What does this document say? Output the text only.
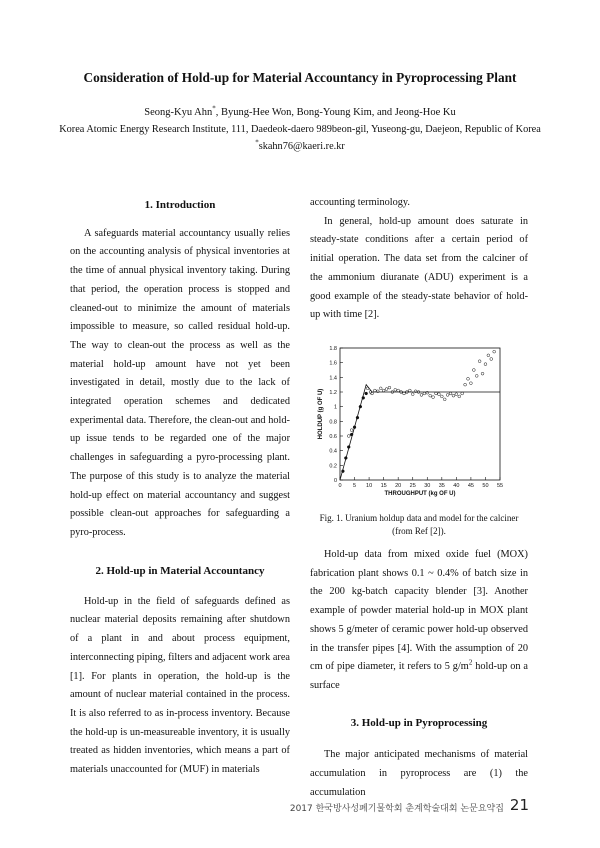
Consideration of Hold-up for Material Accountancy in Pyroprocessing Plant
Seong-Kyu Ahn*, Byung-Hee Won, Bong-Young Kim, and Jeong-Hoe Ku
Korea Atomic Energy Research Institute, 111, Daedeok-daero 989beon-gil, Yuseong-gu, Daejeon, Republic of Korea
*skahn76@kaeri.re.kr
1. Introduction

A safeguards material accountancy usually relies on the accounting analysis of physical inventories at the time of annual physical inventory taking. During that period, the operation process is stopped and cleaned-out to minimize the amount of materials impossible to measure, so called residual hold-up. The way to clean-out the process as well as the material hold-up amount have not yet been investigated in detail, mostly due to the lack of integrated operation schemes and dedicated experimental data. Therefore, the clean-out and hold-up issue tends to be regarded one of the major challenges in safeguarding a pyro-processing plant. The purpose of this study is to analyze the material hold-up effect on material accountancy and suggest possible clean-out approaches for safeguarding a pyro-process.

2. Hold-up in Material Accountancy

Hold-up in the field of safeguards defined as nuclear material deposits remaining after shutdown of a plant in and about process equipment, interconnecting piping, filters and adjacent work area [1]. For plants in operation, the hold-up is the amount of nuclear material contained in the process. It is also referred to as in-process inventory. Because the hold-up is un-measureable inventory, it is usually treated as hidden inventories, which means a part of materials unaccounted for (MUF) in materials

accounting terminology.

In general, hold-up amount does saturate in steady-state conditions after a certain period of initial operation. The data set from the calciner of the ammonium diuranate (ADU) experiment is a good example of the steady-state behavior of hold-up with time [2].

0 5 10 15 20 25 30 35 40 45 50 55
0
0.2
0.4
0.6
0.8
1
1.2
1.4
1.6
1.8
THROUGHPUT (kg OF U)
HOLDUP (g OF U)
Fig. 1. Uranium holdup data and model for the calciner (from Ref [2]).

Hold-up data from mixed oxide fuel (MOX) fabrication plant shows 0.1 ~ 0.4% of batch size in the 200 kg-batch capacity blender [3]. Another example of powder material hold-up in MOX plant shows 5 g/meter of ceramic power hold-up observed in the transfer pipes [4]. With the assumption of 20 cm of pipe diameter, it refers to 5 $g/m^2$ hold-up on a surface

3. Hold-up in Pyroprocessing

The major anticipated mechanisms of material accumulation in pyroprocess are (1) the accumulation

2017 한국방사성폐기물학회 춘계학술대회 논문요약집 21
